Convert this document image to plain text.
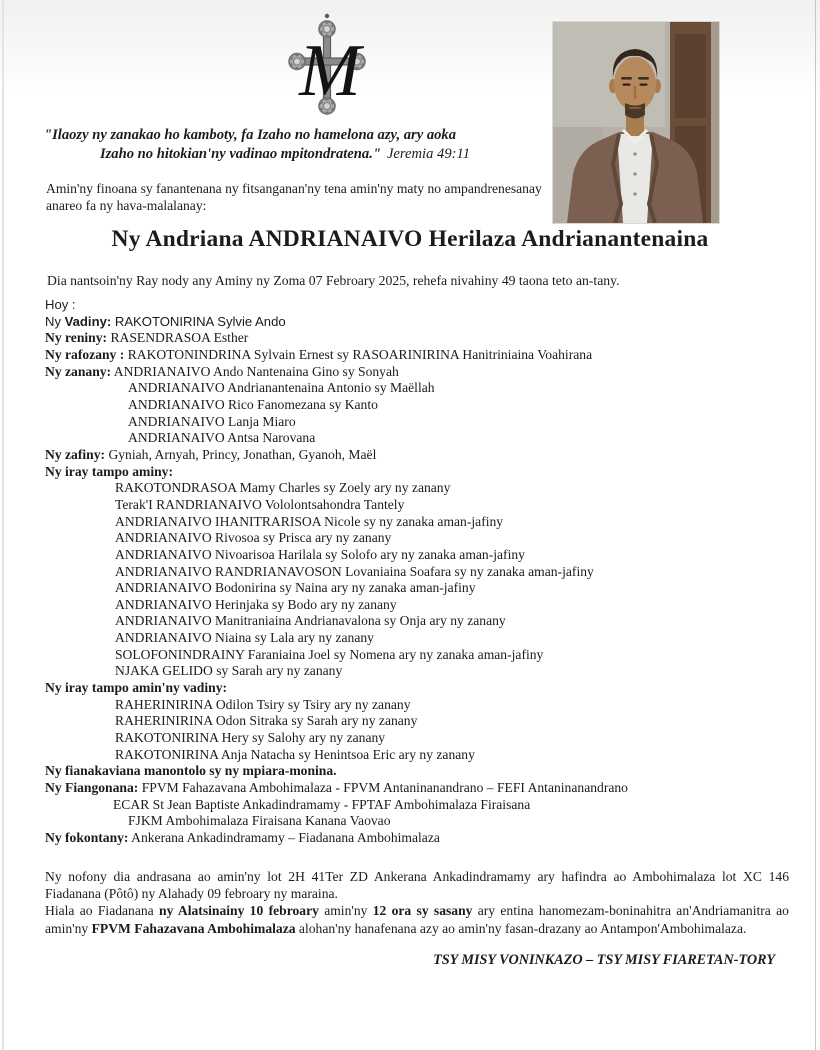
M
"Ilaozy ny zanakao ho kamboty, fa Izaho no hamelona azy, ary aoka
Izaho no hitokian'ny vadinao mpitondratena." Jeremia 49:11
Amin'ny finoana sy fanantenana ny fitsanganan'ny tena amin'ny maty no ampandrenesanay anareo fa ny hava-malalanay:
Ny Andriana ANDRIANAIVO Herilaza Andrianantenaina
Dia nantsoin'ny Ray nody any Aminy ny Zoma 07 Febroary 2025, rehefa nivahiny 49 taona teto an-tany.
Hoy :
Ny Vadiny: RAKOTONIRINA Sylvie Ando
Ny reniny: RASENDRASOA Esther
Ny rafozany : RAKOTONINDRINA Sylvain Ernest sy RASOARINIRINA Hanitriniaina Voahirana
Ny zanany: ANDRIANAIVO Ando Nantenaina Gino sy Sonyah
ANDRIANAIVO Andrianantenaina Antonio sy Maëllah
ANDRIANAIVO Rico Fanomezana sy Kanto
ANDRIANAIVO Lanja Miaro
ANDRIANAIVO Antsa Narovana
Ny zafiny: Gyniah, Arnyah, Princy, Jonathan, Gyanoh, Maël
Ny iray tampo aminy:
RAKOTONDRASOA Mamy Charles sy Zoely ary ny zanany
Terak'I RANDRIANAIVO Vololontsahondra Tantely
ANDRIANAIVO IHANITRARISOA Nicole sy ny zanaka aman-jafiny
ANDRIANAIVO Rivosoa sy Prisca ary ny zanany
ANDRIANAIVO Nivoarisoa Harilala sy Solofo ary ny zanaka aman-jafiny
ANDRIANAIVO RANDRIANAVOSON Lovaniaina Soafara sy ny zanaka aman-jafiny
ANDRIANAIVO Bodonirina sy Naina ary ny zanaka aman-jafiny
ANDRIANAIVO Herinjaka sy Bodo ary ny zanany
ANDRIANAIVO Manitraniaina Andrianavalona sy Onja ary ny zanany
ANDRIANAIVO Niaina sy Lala ary ny zanany
SOLOFONINDRAINY Faraniaina Joel sy Nomena ary ny zanaka aman-jafiny
NJAKA GELIDO sy Sarah ary ny zanany
Ny iray tampo amin'ny vadiny:
RAHERINIRINA Odilon Tsiry sy Tsiry ary ny zanany
RAHERINIRINA Odon Sitraka sy Sarah ary ny zanany
RAKOTONIRINA Hery sy Salohy ary ny zanany
RAKOTONIRINA Anja Natacha sy Henintsoa Eric ary ny zanany
Ny fianakaviana manontolo sy ny mpiara-monina.
Ny Fiangonana: FPVM Fahazavana Ambohimalaza - FPVM Antaninanandrano – FEFI Antaninanandrano
ECAR St Jean Baptiste Ankadindramamy - FPTAF Ambohimalaza Firaisana
FJKM Ambohimalaza Firaisana Kanana Vaovao
Ny fokontany: Ankerana Ankadindramamy – Fiadanana Ambohimalaza

Ny nofony dia andrasana ao amin'ny lot 2H 41Ter ZD Ankerana Ankadindramamy ary hafindra ao Ambohimalaza lot XC 146 Fiadanana (Pôtô) ny Alahady 09 febroary ny maraina.

Hiala ao Fiadanana ny Alatsinainy 10 febroary amin'ny 12 ora sy sasany ary entina hanomezam-boninahitra an'Andriamanitra ao amin'ny FPVM Fahazavana Ambohimalaza alohan'ny hanafenana azy ao amin'ny fasan-drazany ao Antampon'Ambohimalaza.

TSY MISY VONINKAZO – TSY MISY FIARETAN-TORY
